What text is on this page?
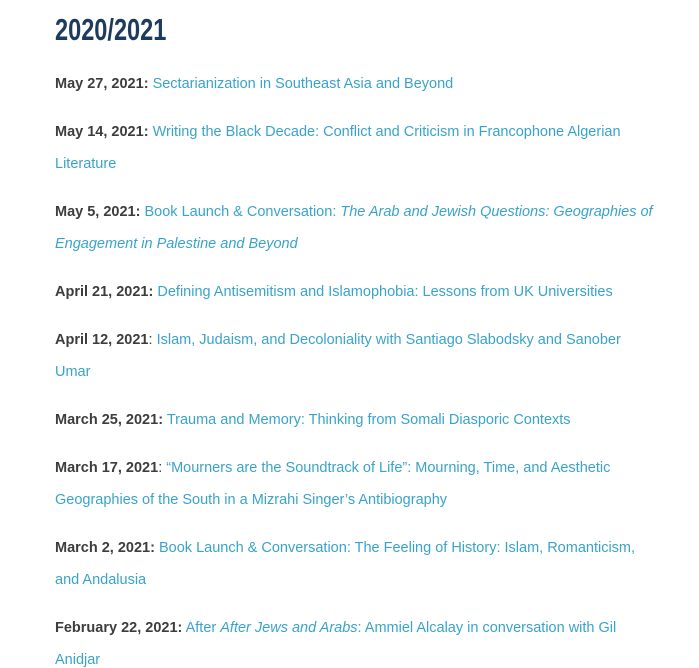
2020/2021

May 27, 2021: Sectarianization in Southeast Asia and Beyond

May 14, 2021: Writing the Black Decade: Conflict and Criticism in Francophone Algerian Literature

May 5, 2021: Book Launch & Conversation: The Arab and Jewish Questions: Geographies of Engagement in Palestine and Beyond

April 21, 2021: Defining Antisemitism and Islamophobia: Lessons from UK Universities

April 12, 2021: Islam, Judaism, and Decoloniality with Santiago Slabodsky and Sanober Umar

March 25, 2021: Trauma and Memory: Thinking from Somali Diasporic Contexts

March 17, 2021: “Mourners are the Soundtrack of Life”: Mourning, Time, and Aesthetic Geographies of the South in a Mizrahi Singer’s Antibiography

March 2, 2021: Book Launch & Conversation: The Feeling of History: Islam, Romanticism, and Andalusia

February 22, 2021: After After Jews and Arabs: Ammiel Alcalay in conversation with Gil Anidjar
